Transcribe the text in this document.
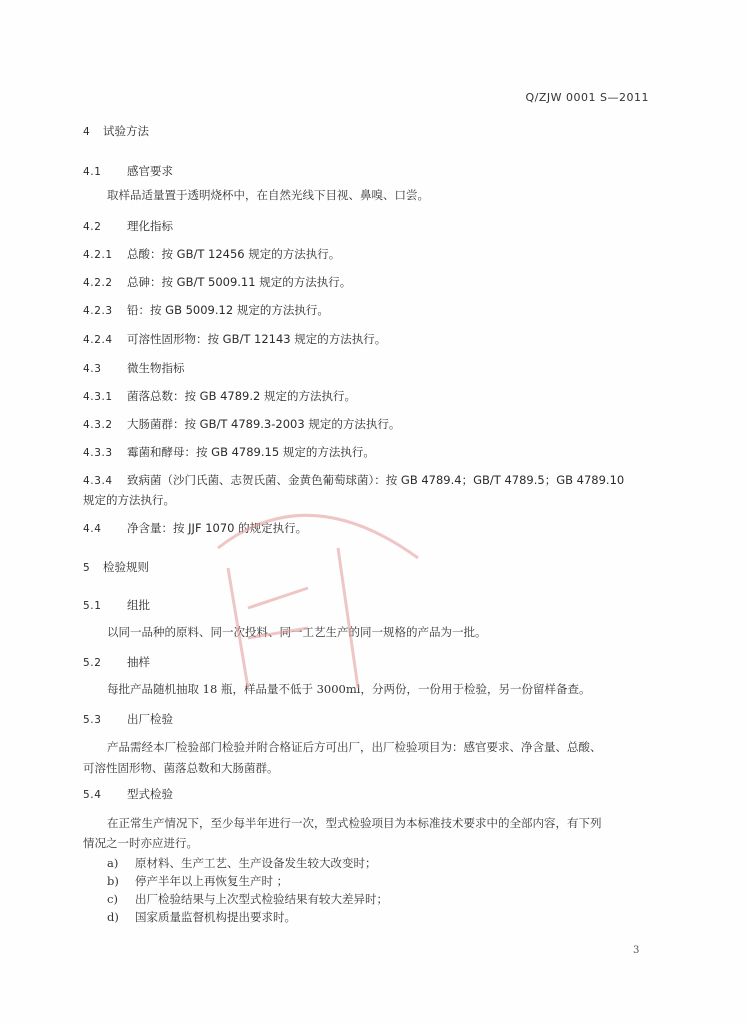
Q/ZJW 0001 S—2011
4 试验方法
4.1 感官要求
取样品适量置于透明烧杯中，在自然光线下目视、鼻嗅、口尝。
4.2 理化指标
4.2.1 总酸：按 GB/T 12456 规定的方法执行。
4.2.2 总砷：按 GB/T 5009.11 规定的方法执行。
4.2.3 铅：按 GB 5009.12 规定的方法执行。
4.2.4 可溶性固形物：按 GB/T 12143 规定的方法执行。
4.3 微生物指标
4.3.1 菌落总数：按 GB 4789.2 规定的方法执行。
4.3.2 大肠菌群：按 GB/T 4789.3-2003 规定的方法执行。
4.3.3 霉菌和酵母：按 GB 4789.15 规定的方法执行。
4.3.4 致病菌（沙门氏菌、志贺氏菌、金黄色葡萄球菌）：按 GB 4789.4；GB/T 4789.5；GB 4789.10
规定的方法执行。
4.4 净含量：按 JJF 1070 的规定执行。
5 检验规则
5.1 组批
以同一品种的原料、同一次投料、同一工艺生产的同一规格的产品为一批。
5.2 抽样
每批产品随机抽取 18 瓶，样品量不低于 3000ml，分两份，一份用于检验，另一份留样备查。
5.3 出厂检验
产品需经本厂检验部门检验并附合格证后方可出厂，出厂检验项目为：感官要求、净含量、总酸、
可溶性固形物、菌落总数和大肠菌群。
5.4 型式检验
在正常生产情况下，至少每半年进行一次，型式检验项目为本标准技术要求中的全部内容，有下列
情况之一时亦应进行。
a) 原材料、生产工艺、生产设备发生较大改变时；
b) 停产半年以上再恢复生产时 ；
c) 出厂检验结果与上次型式检验结果有较大差异时；
d) 国家质量监督机构提出要求时。
3
